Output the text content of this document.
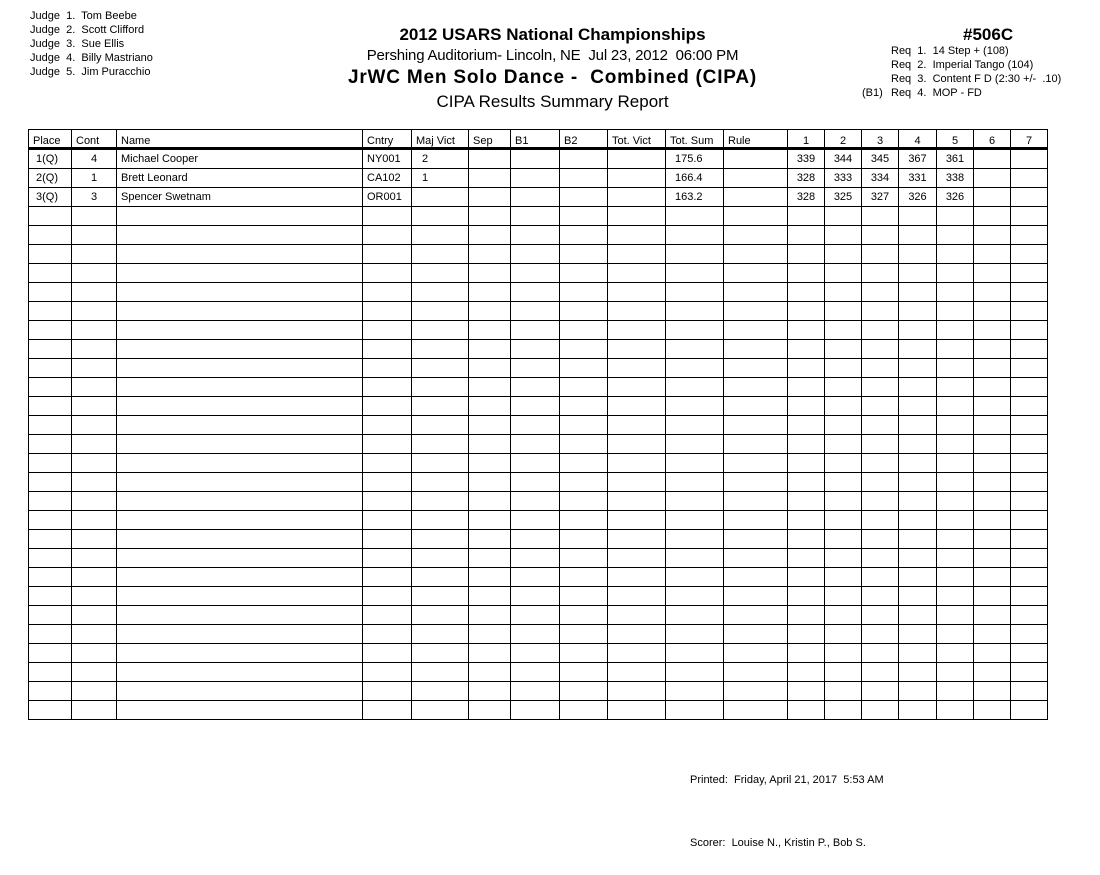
Judge  1.  Tom Beebe
Judge  2.  Scott Clifford
Judge  3.  Sue Ellis
Judge  4.  Billy Mastriano
Judge  5.  Jim Puracchio
2012 USARS National Championships
Pershing Auditorium- Lincoln, NE  Jul 23, 2012  06:00 PM
JrWC Men Solo Dance -  Combined (CIPA)
CIPA Results Summary Report
#506C
Req  1.  14 Step + (108)
Req  2.  Imperial Tango (104)
Req  3.  Content F D (2:30 +/-  .10)
(B1) Req  4.  MOP - FD
Place	Cont	Name	Cntry	Maj Vict	Sep	B1	B2	Tot. Vict	Tot. Sum	Rule	1	2	3	4	5	6	7
1(Q)	4	Michael Cooper	NY001	2					175.6		339	344	345	367	361		
2(Q)	1	Brett Leonard	CA102	1					166.4		328	333	334	331	338		
3(Q)	3	Spencer Swetnam	OR001						163.2		328	325	327	326	326		

Printed:  Friday, April 21, 2017  5:53 AM

Scorer:  Louise N., Kristin P., Bob S.
